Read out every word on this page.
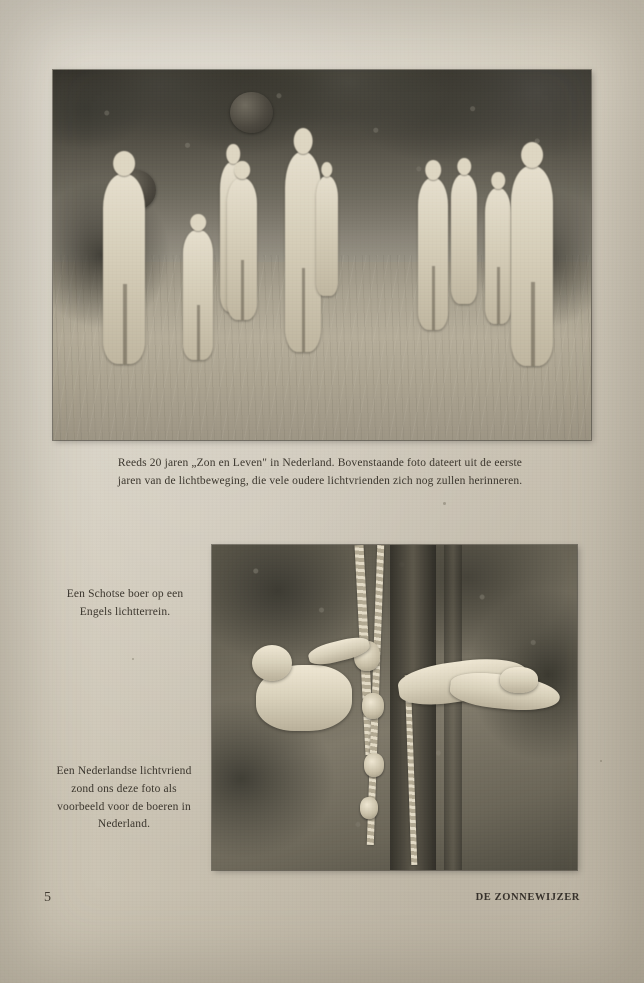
Reeds 20 jaren „Zon en Leven" in Nederland. Bovenstaande foto dateert uit de eerste
jaren van de lichtbeweging, die vele oudere lichtvrienden zich nog zullen herinneren.
Een Schotse boer op een
Engels lichtterrein.
Een Nederlandse lichtvriend
zond ons deze foto als
voorbeeld voor de boeren in
Nederland.
5	DE ZONNEWIJZER
